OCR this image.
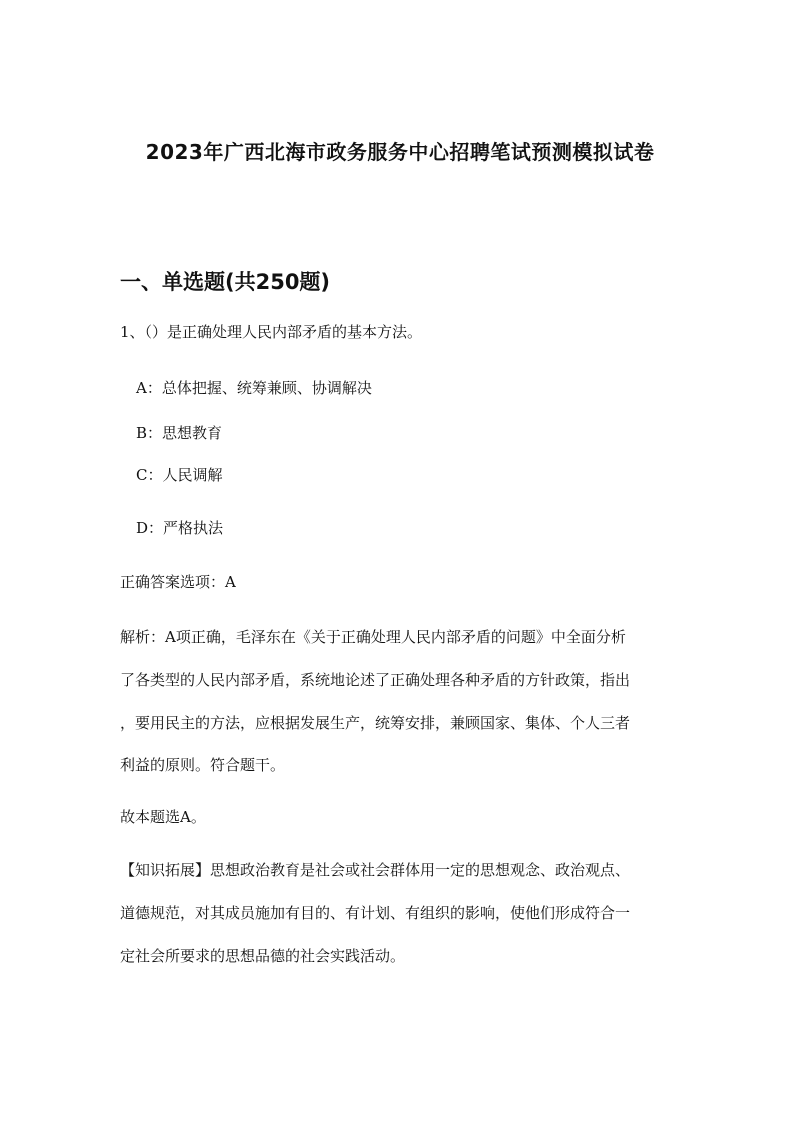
2023年广西北海市政务服务中心招聘笔试预测模拟试卷
一、单选题(共250题)
1、（）是正确处理人民内部矛盾的基本方法。
A：总体把握、统筹兼顾、协调解决
B：思想教育
C：人民调解
D：严格执法
正确答案选项：A
解析：A项正确，毛泽东在《关于正确处理人民内部矛盾的问题》中全面分析
了各类型的人民内部矛盾，系统地论述了正确处理各种矛盾的方针政策，指出
，要用民主的方法，应根据发展生产，统筹安排，兼顾国家、集体、个人三者
利益的原则。符合题干。
故本题选A。
【知识拓展】思想政治教育是社会或社会群体用一定的思想观念、政治观点、
道德规范，对其成员施加有目的、有计划、有组织的影响，使他们形成符合一
定社会所要求的思想品德的社会实践活动。
